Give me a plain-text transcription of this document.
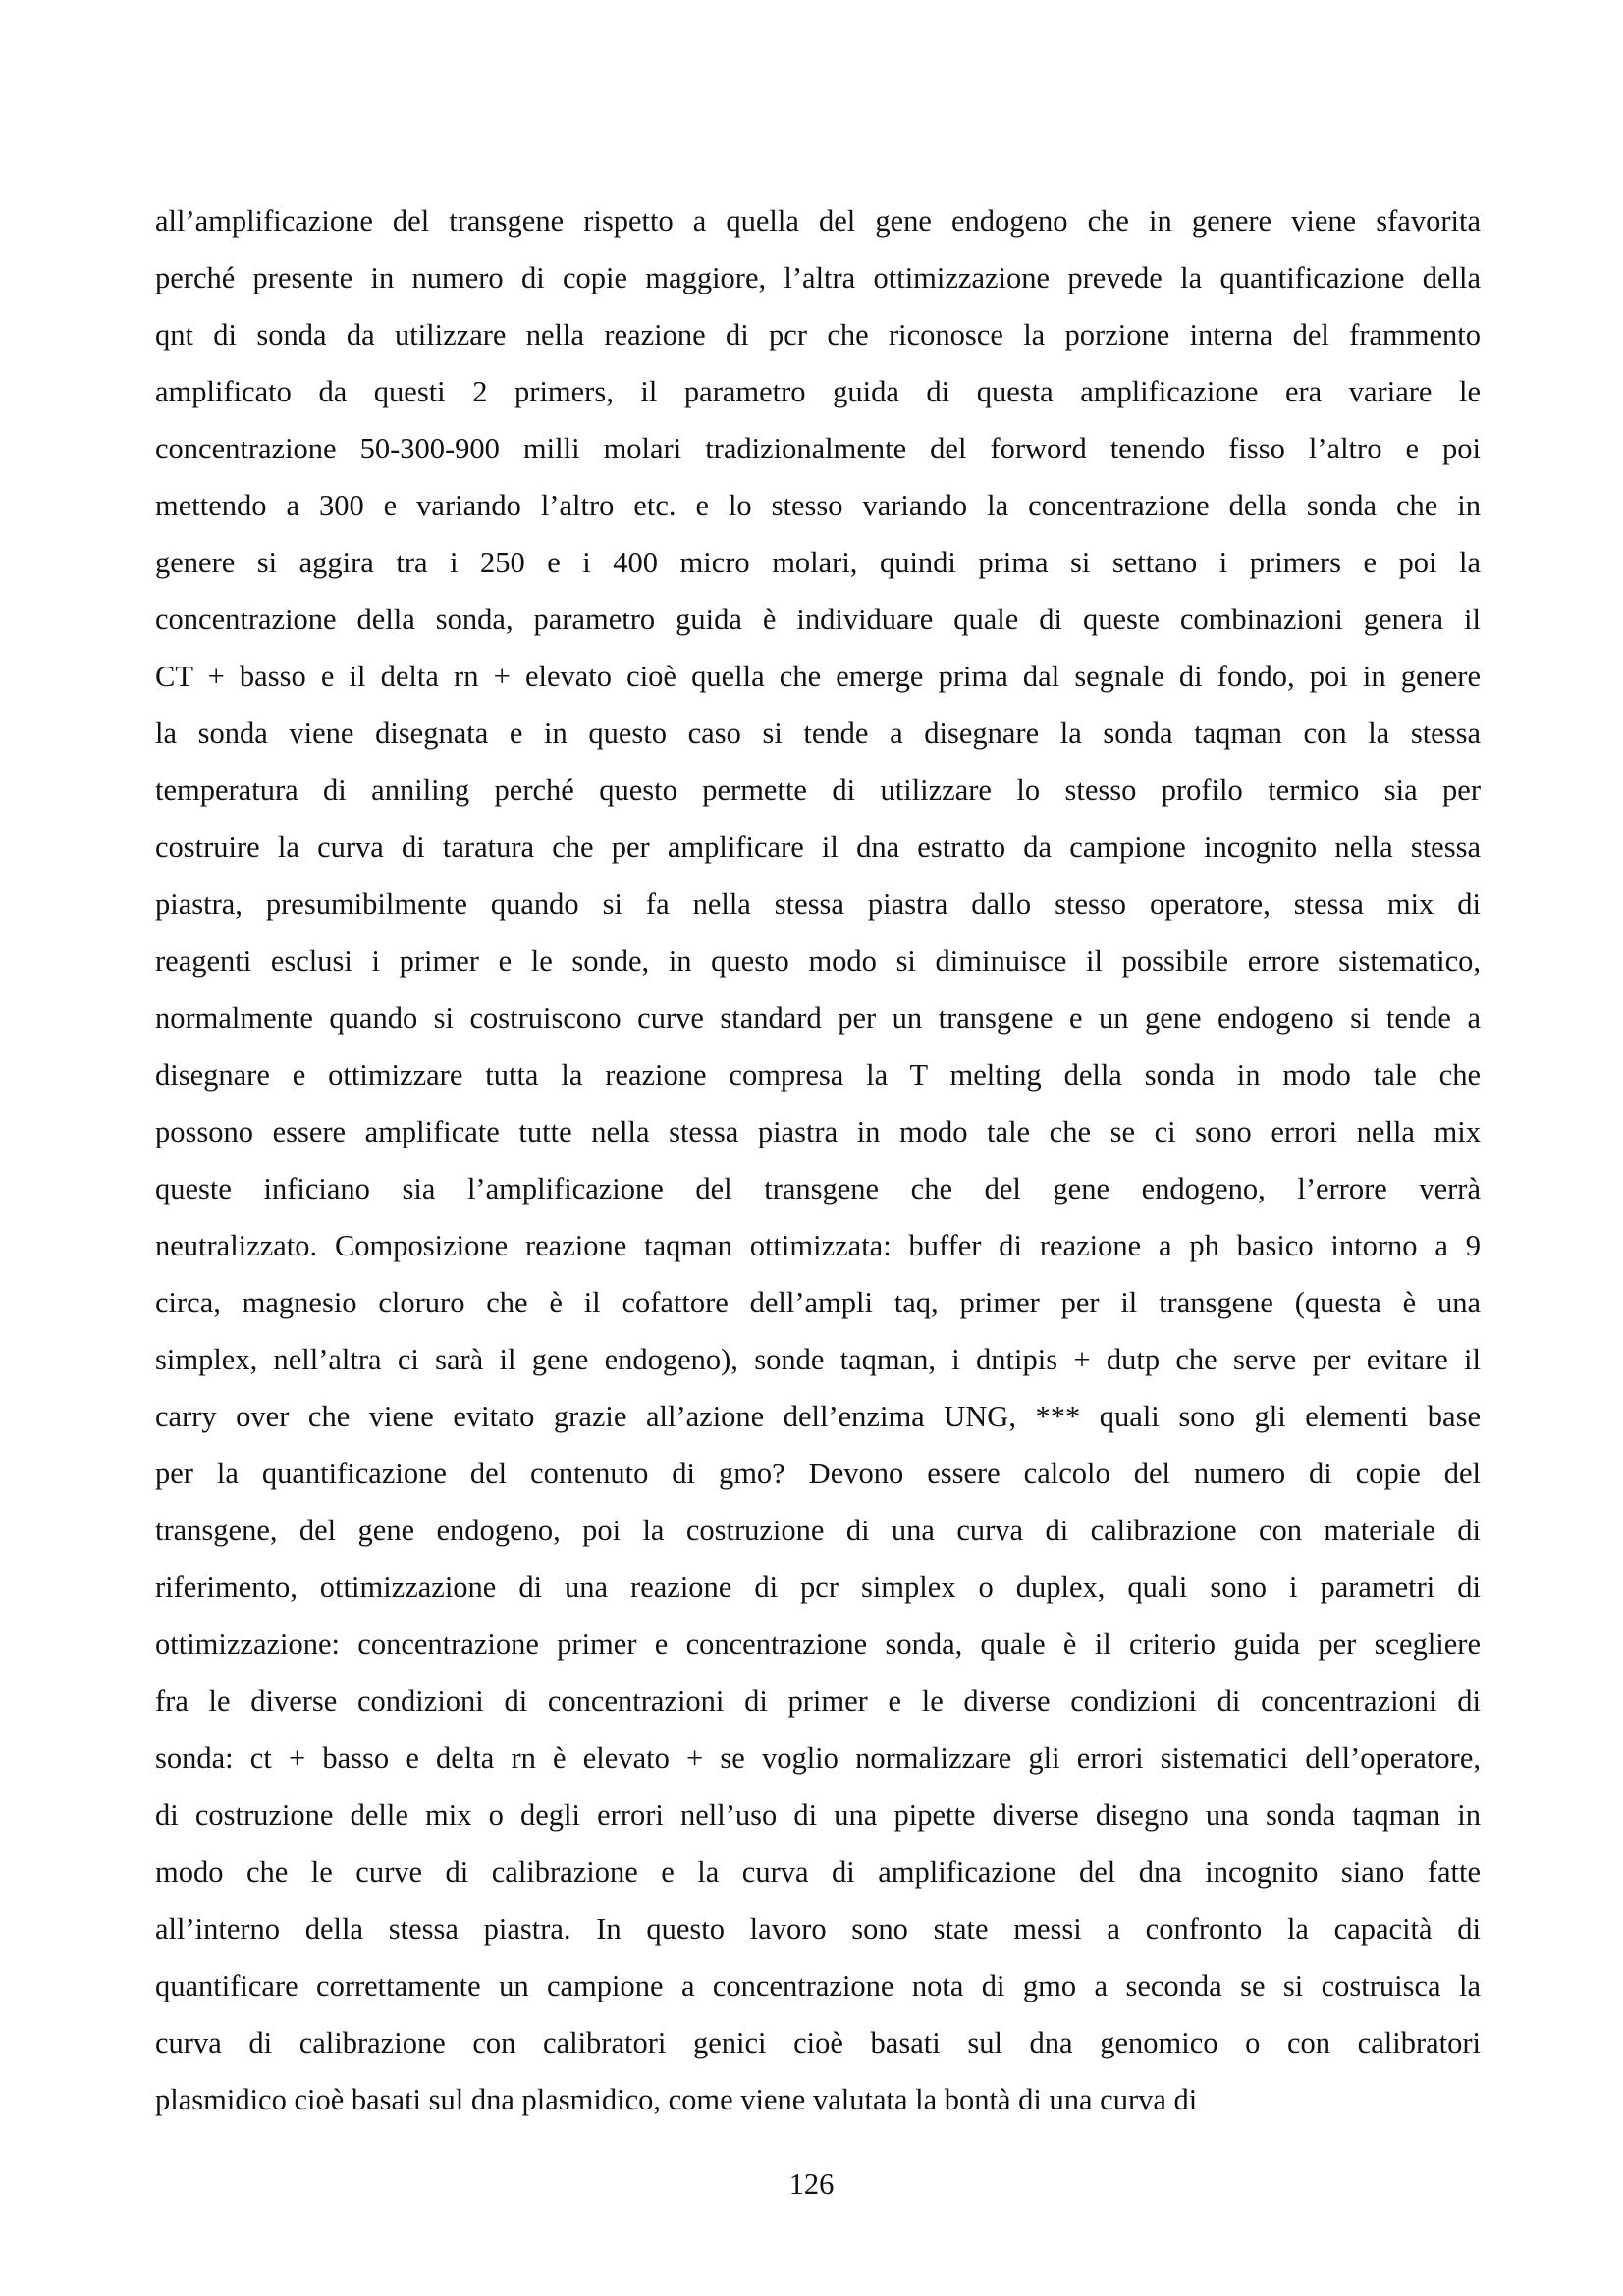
all’amplificazione del transgene rispetto a quella del gene endogeno che in genere viene sfavorita
perché presente in numero di copie maggiore, l’altra ottimizzazione prevede la quantificazione della
qnt di sonda da utilizzare nella reazione di pcr che riconosce la porzione interna del frammento
amplificato da questi 2 primers, il parametro guida di questa amplificazione era variare le
concentrazione 50-300-900 milli molari tradizionalmente del forword tenendo fisso l’altro e poi
mettendo a 300 e variando l’altro etc. e lo stesso variando la concentrazione della sonda che in
genere si aggira tra i 250 e i 400 micro molari, quindi prima si settano i primers e poi la
concentrazione della sonda, parametro guida è individuare quale di queste combinazioni genera il
CT + basso e il delta rn + elevato cioè quella che emerge prima dal segnale di fondo, poi in genere
la sonda viene disegnata e in questo caso si tende a disegnare la sonda taqman con la stessa
temperatura di anniling perché questo permette di utilizzare lo stesso profilo termico sia per
costruire la curva di taratura che per amplificare il dna estratto da campione incognito nella stessa
piastra, presumibilmente quando si fa nella stessa piastra dallo stesso operatore, stessa mix di
reagenti esclusi i primer e le sonde, in questo modo si diminuisce il possibile errore sistematico,
normalmente quando si costruiscono curve standard per un transgene e un gene endogeno si tende a
disegnare e ottimizzare tutta la reazione compresa la T melting della sonda in modo tale che
possono essere amplificate tutte nella stessa piastra in modo tale che se ci sono errori nella mix
queste inficiano sia l’amplificazione del transgene che del gene endogeno, l’errore verrà
neutralizzato. Composizione reazione taqman ottimizzata: buffer di reazione a ph basico intorno a 9
circa, magnesio cloruro che è il cofattore dell’ampli taq, primer per il transgene (questa è una
simplex, nell’altra ci sarà il gene endogeno), sonde taqman, i dntipis + dutp che serve per evitare il
carry over che viene evitato grazie all’azione dell’enzima UNG, *** quali sono gli elementi base
per la quantificazione del contenuto di gmo? Devono essere calcolo del numero di copie del
transgene, del gene endogeno, poi la costruzione di una curva di calibrazione con materiale di
riferimento, ottimizzazione di una reazione di pcr simplex o duplex, quali sono i parametri di
ottimizzazione: concentrazione primer e concentrazione sonda, quale è il criterio guida per scegliere
fra le diverse condizioni di concentrazioni di primer e le diverse condizioni di concentrazioni di
sonda: ct + basso e delta rn è elevato + se voglio normalizzare gli errori sistematici dell’operatore,
di costruzione delle mix o degli errori nell’uso di una pipette diverse disegno una sonda taqman in
modo che le curve di calibrazione e la curva di amplificazione del dna incognito siano fatte
all’interno della stessa piastra. In questo lavoro sono state messi a confronto la capacità di
quantificare correttamente un campione a concentrazione nota di gmo a seconda se si costruisca la
curva di calibrazione con calibratori genici cioè basati sul dna genomico o con calibratori
plasmidico cioè basati sul dna plasmidico, come viene valutata la bontà di una curva di
126
